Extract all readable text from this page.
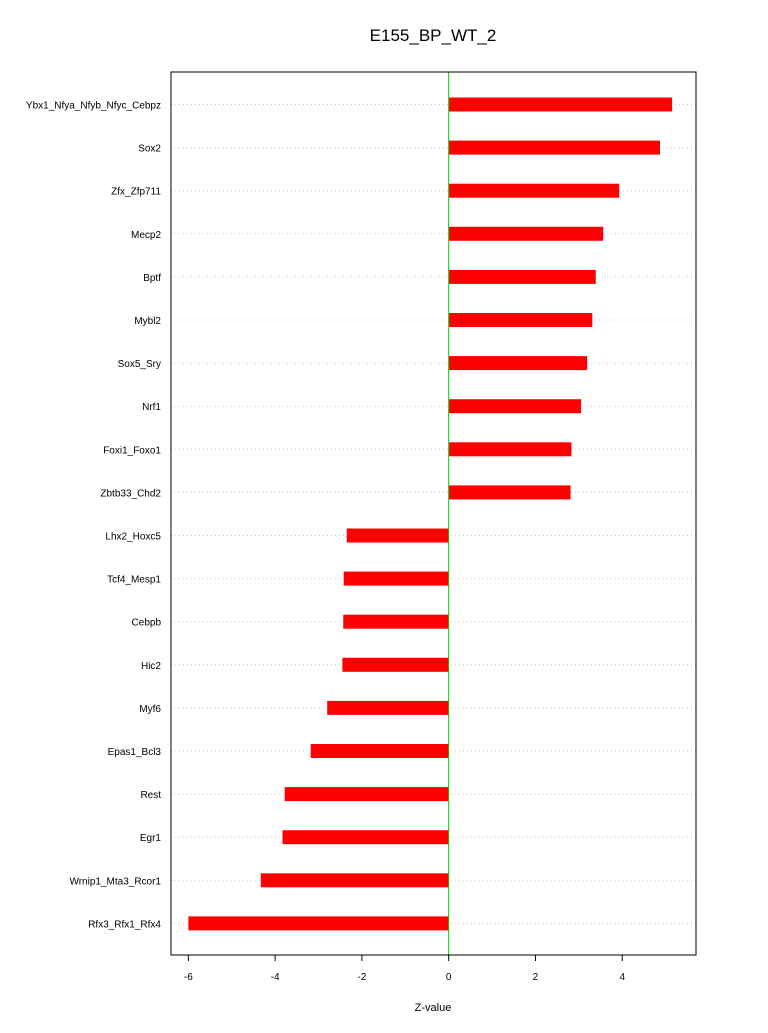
E155_BP_WT_2
Ybx1_Nfya_Nfyb_Nfyc_Cebpz
Sox2
Zfx_Zfp711
Mecp2
Bptf
Mybl2
Sox5_Sry
Nrf1
Foxi1_Foxo1
Zbtb33_Chd2
Lhx2_Hoxc5
Tcf4_Mesp1
Cebpb
Hic2
Myf6
Epas1_Bcl3
Rest
Egr1
Wrnip1_Mta3_Rcor1
Rfx3_Rfx1_Rfx4
-6	-4	-2	0	2	4
Z-value
